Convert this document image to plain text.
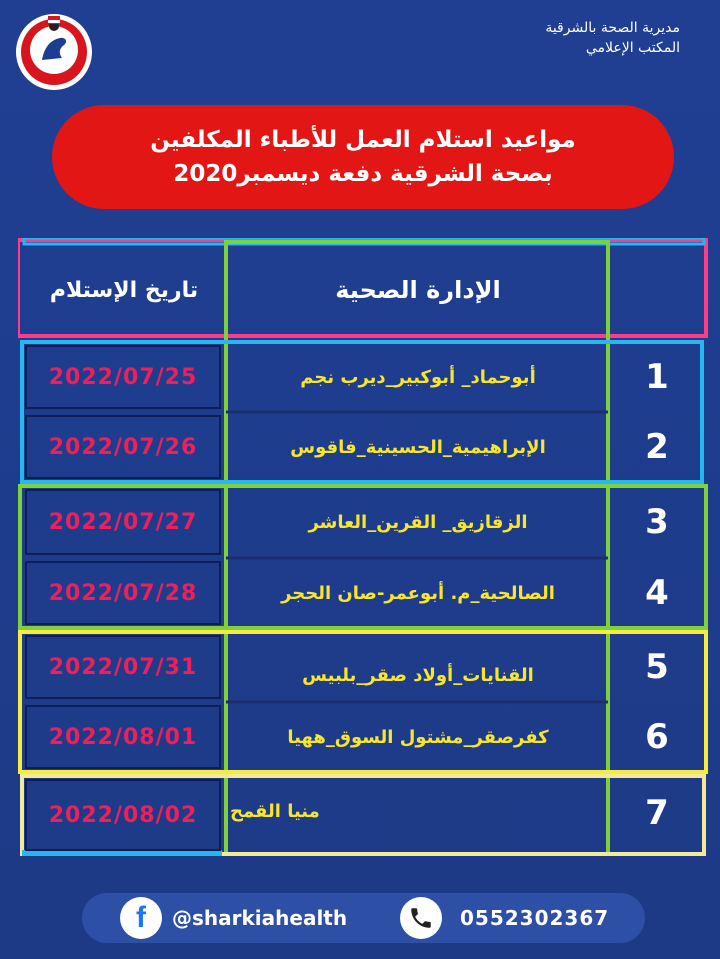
مديرية الصحة بالشرقية
المكتب الإعلامي
مواعيد استلام العمل للأطباء المكلفين
بصحة الشرقية دفعة ديسمبر2020
تاريخ الإستلام	الإدارة الصحية
1
أبوحماد_ أبوكبير_ديرب نجم
2022/07/25
2
الإبراهيمية_الحسينية_فاقوس
2022/07/26
3
الزقازيق_ القرين_العاشر
2022/07/27
4
الصالحية_م. أبوعمر-صان الحجر
2022/07/28
5
القنايات_أولاد صقر_بلبيس
2022/07/31
6
كفرصقر_مشتول السوق_ههيا
2022/08/01
7
منيا القمح
2022/08/02
f @sharkiahealth	0552302367
